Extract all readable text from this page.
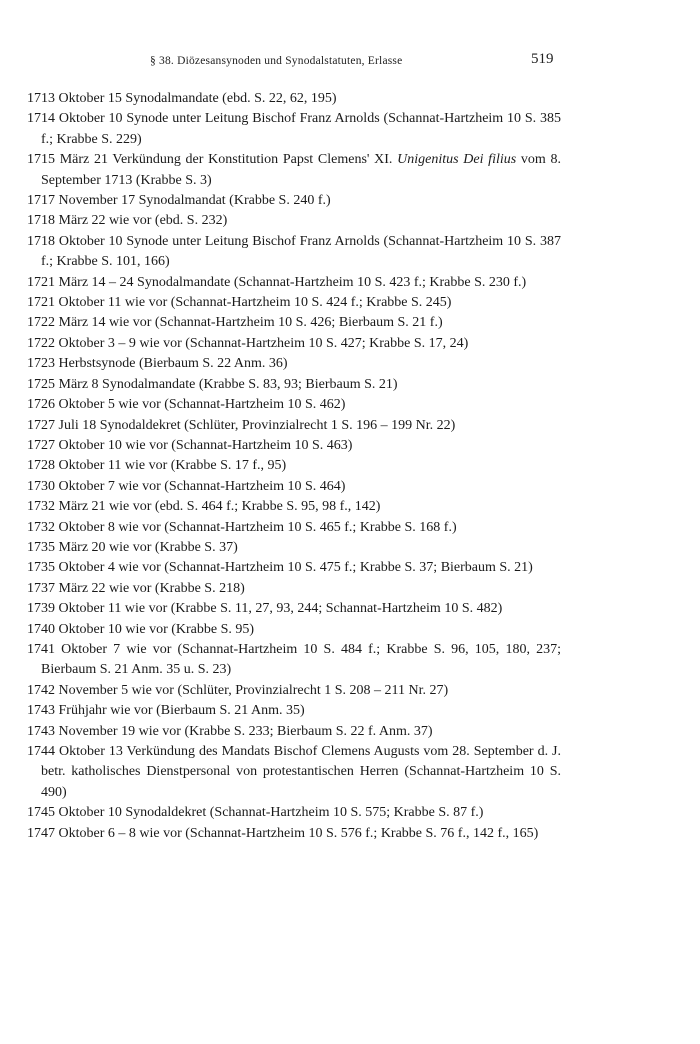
§ 38. Diözesansynoden und Synodalstatuten, Erlasse	519
1713 Oktober 15 Synodalmandate (ebd. S. 22, 62, 195)
1714 Oktober 10 Synode unter Leitung Bischof Franz Arnolds (Schannat-Hartzheim 10 S. 385 f.; Krabbe S. 229)
1715 März 21 Verkündung der Konstitution Papst Clemens' XI. Unigenitus Dei filius vom 8. September 1713 (Krabbe S. 3)
1717 November 17 Synodalmandat (Krabbe S. 240 f.)
1718 März 22 wie vor (ebd. S. 232)
1718 Oktober 10 Synode unter Leitung Bischof Franz Arnolds (Schannat-Hartzheim 10 S. 387 f.; Krabbe S. 101, 166)
1721 März 14 – 24 Synodalmandate (Schannat-Hartzheim 10 S. 423 f.; Krabbe S. 230 f.)
1721 Oktober 11 wie vor (Schannat-Hartzheim 10 S. 424 f.; Krabbe S. 245)
1722 März 14 wie vor (Schannat-Hartzheim 10 S. 426; Bierbaum S. 21 f.)
1722 Oktober 3 – 9 wie vor (Schannat-Hartzheim 10 S. 427; Krabbe S. 17, 24)
1723 Herbstsynode (Bierbaum S. 22 Anm. 36)
1725 März 8 Synodalmandate (Krabbe S. 83, 93; Bierbaum S. 21)
1726 Oktober 5 wie vor (Schannat-Hartzheim 10 S. 462)
1727 Juli 18 Synodaldekret (Schlüter, Provinzialrecht 1 S. 196 – 199 Nr. 22)
1727 Oktober 10 wie vor (Schannat-Hartzheim 10 S. 463)
1728 Oktober 11 wie vor (Krabbe S. 17 f., 95)
1730 Oktober 7 wie vor (Schannat-Hartzheim 10 S. 464)
1732 März 21 wie vor (ebd. S. 464 f.; Krabbe S. 95, 98 f., 142)
1732 Oktober 8 wie vor (Schannat-Hartzheim 10 S. 465 f.; Krabbe S. 168 f.)
1735 März 20 wie vor (Krabbe S. 37)
1735 Oktober 4 wie vor (Schannat-Hartzheim 10 S. 475 f.; Krabbe S. 37; Bierbaum S. 21)
1737 März 22 wie vor (Krabbe S. 218)
1739 Oktober 11 wie vor (Krabbe S. 11, 27, 93, 244; Schannat-Hartzheim 10 S. 482)
1740 Oktober 10 wie vor (Krabbe S. 95)
1741 Oktober 7 wie vor (Schannat-Hartzheim 10 S. 484 f.; Krabbe S. 96, 105, 180, 237; Bierbaum S. 21 Anm. 35 u. S. 23)
1742 November 5 wie vor (Schlüter, Provinzialrecht 1 S. 208 – 211 Nr. 27)
1743 Frühjahr wie vor (Bierbaum S. 21 Anm. 35)
1743 November 19 wie vor (Krabbe S. 233; Bierbaum S. 22 f. Anm. 37)
1744 Oktober 13 Verkündung des Mandats Bischof Clemens Augusts vom 28. September d. J. betr. katholisches Dienstpersonal von protestantischen Herren (Schannat-Hartzheim 10 S. 490)
1745 Oktober 10 Synodaldekret (Schannat-Hartzheim 10 S. 575; Krabbe S. 87 f.)
1747 Oktober 6 – 8 wie vor (Schannat-Hartzheim 10 S. 576 f.; Krabbe S. 76 f., 142 f., 165)
